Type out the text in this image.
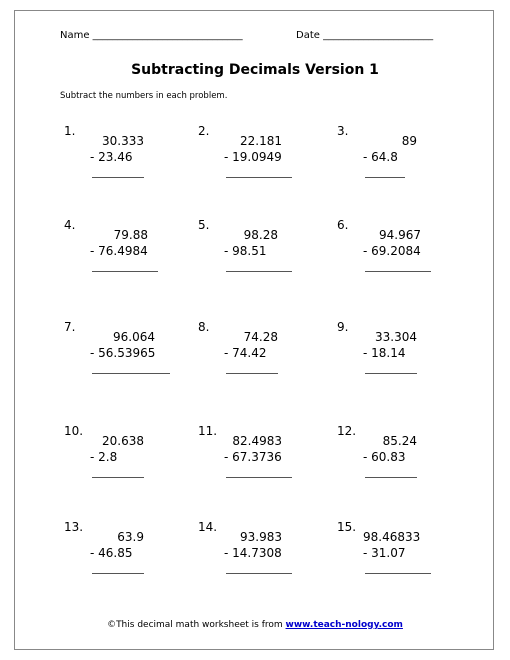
Name ______________________________	Date ______________________
Subtracting Decimals Version 1
Subtract the numbers in each problem.
1.
30.333
- 23.46
2.
22.181
- 19.0949
3.
89
- 64.8
4.
79.88
- 76.4984
5.
98.28
- 98.51
6.
94.967
- 69.2084
7.
96.064
- 56.53965
8.
74.28
- 74.42
9.
33.304
- 18.14
10.
20.638
- 2.8
11.
82.4983
- 67.3736
12.
85.24
- 60.83
13.
63.9
- 46.85
14.
93.983
- 14.7308
15.
98.46833
- 31.07
©This decimal math worksheet is from www.teach-nology.com
